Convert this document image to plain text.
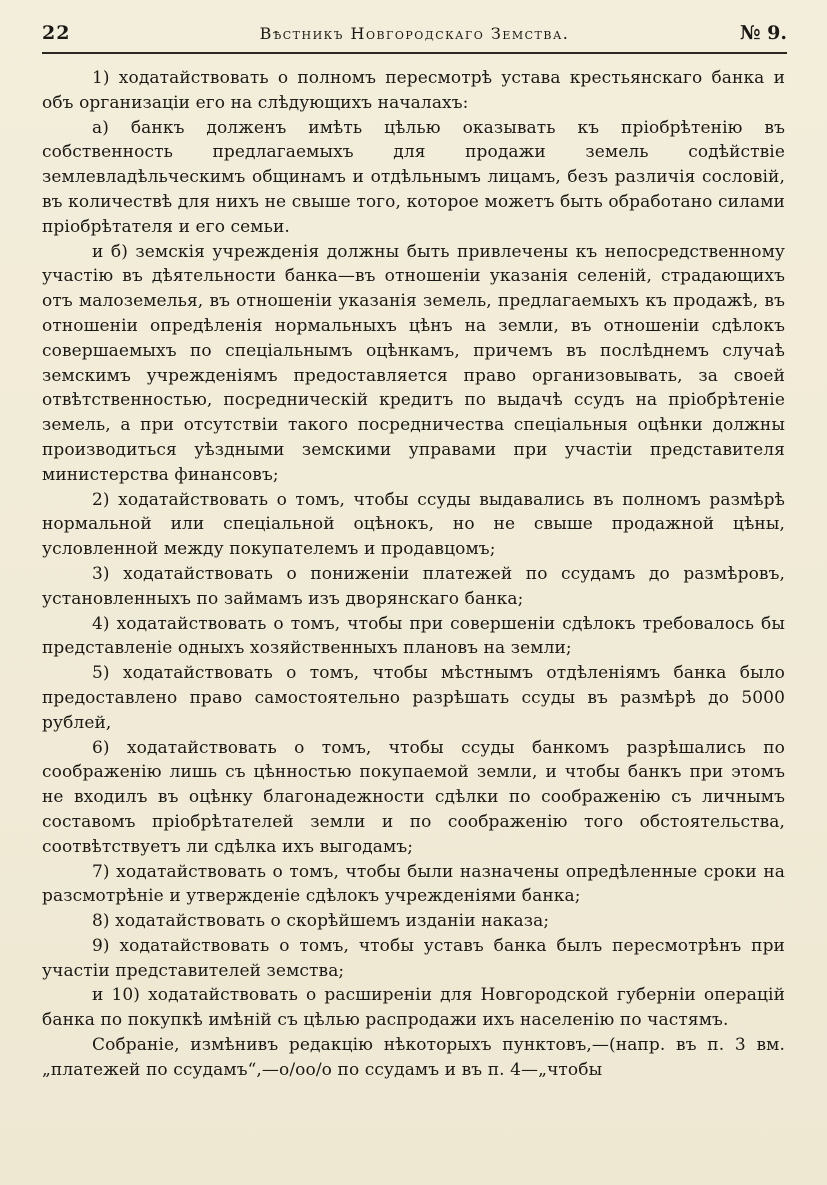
22	Вѣстникъ Новгородскаго Земства.	№ 9.

1) ходатайствовать о полномъ пересмотрѣ устава крестьянскаго банка и объ организаціи его на слѣдующихъ началахъ:

а) банкъ долженъ имѣть цѣлью оказывать къ пріобрѣтенію въ собственность предлагаемыхъ для продажи земель содѣйствіе землевладѣльческимъ общинамъ и отдѣльнымъ лицамъ, безъ различія сословій, въ количествѣ для нихъ не свыше того, которое можетъ быть обработано силами пріобрѣтателя и его семьи.

и б) земскія учрежденія должны быть привлечены къ непосредственному участію въ дѣятельности банка—въ отношеніи указанія селеній, страдающихъ отъ малоземелья, въ отношеніи указанія земель, предлагаемыхъ къ продажѣ, въ отношеніи опредѣленія нормальныхъ цѣнъ на земли, въ отношеніи сдѣлокъ совершаемыхъ по спеціальнымъ оцѣнкамъ, причемъ въ послѣднемъ случаѣ земскимъ учрежденіямъ предоставляется право организовывать, за своей отвѣтственностью, посредническій кредитъ по выдачѣ ссудъ на пріобрѣтеніе земель, а при отсутствіи такого посредничества спеціальныя оцѣнки должны производиться уѣздными земскими управами при участіи представителя министерства финансовъ;

2) ходатайствовать о томъ, чтобы ссуды выдавались въ полномъ размѣрѣ нормальной или спеціальной оцѣнокъ, но не свыше продажной цѣны, условленной между покупателемъ и продавцомъ;

3) ходатайствовать о пониженіи платежей по ссудамъ до размѣровъ, установленныхъ по займамъ изъ дворянскаго банка;

4) ходатайствовать о томъ, чтобы при совершеніи сдѣлокъ требовалось бы представленіе одныхъ хозяйственныхъ плановъ на земли;

5) ходатайствовать о томъ, чтобы мѣстнымъ отдѣленіямъ банка было предоставлено право самостоятельно разрѣшать ссуды въ размѣрѣ до 5000 рублей,

6) ходатайствовать о томъ, чтобы ссуды банкомъ разрѣшались по соображенію лишь съ цѣнностью покупаемой земли, и чтобы банкъ при этомъ не входилъ въ оцѣнку благонадежности сдѣлки по соображенію съ личнымъ составомъ пріобрѣтателей земли и по соображенію того обстоятельства, соотвѣтствуетъ ли сдѣлка ихъ выгодамъ;

7) ходатайствовать о томъ, чтобы были назначены опредѣленные сроки на разсмотрѣніе и утвержденіе сдѣлокъ учрежденіями банка;

8) ходатайствовать о скорѣйшемъ изданіи наказа;

9) ходатайствовать о томъ, чтобы уставъ банка былъ пересмотрѣнъ при участіи представителей земства;

и 10) ходатайствовать о расширеніи для Новгородской губерніи операцій банка по покупкѣ имѣній съ цѣлью распродажи ихъ населенію по частямъ.

Собраніе, измѣнивъ редакцію нѣкоторыхъ пунктовъ,—(напр. въ п. 3 вм. „платежей по ссудамъ“,—о/оо/о по ссудамъ и въ п. 4—„чтобы
